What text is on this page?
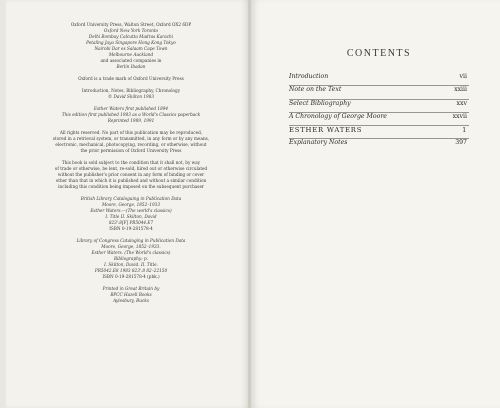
Oxford University Press, Walton Street, Oxford OX2 6DP

Oxford New York Toronto

Delhi Bombay Calcutta Madras Karachi

Petaling Jaya Singapore Hong Kong Tokyo

Nairobi Dar es Salaam Cape Town

Melbourne Auckland

and associated companies in

Berlin Ibadan

Oxford is a trade mark of Oxford University Press

Introduction, Notes, Bibliography, Chronology

© David Skilton 1983

Esther Waters first published 1894

This edition first published 1983 as a World's Classics paperback

Reprinted 1989, 1991

All rights reserved. No part of this publication may be reproduced,

stored in a retrieval system, or transmitted, in any form or by any means,

electronic, mechanical, photocopying, recording, or otherwise, without

the prior permission of Oxford University Press

This book is sold subject to the condition that it shall not, by way

of trade or otherwise, be lent, re-sold, hired out or otherwise circulated

without the publisher's prior consent in any form of binding or cover

other than that in which it is published and without a similar condition

including this condition being imposed on the subsequent purchaser

British Library Cataloguing in Publication Data

Moore, George, 1852–1933

Esther Waters.—(The world's classics)

I. Title II. Skilton, David

823'.8[F] PR5044.E7

ISBN 0-19-281578-4

Library of Congress Cataloging in Publication Data

Moore, George, 1852–1933.

Esther Waters. (The World's classics)

Bibliography: p.

I. Skilton, David. II. Title.

PR5042.E8 1983 823'.8 82–22150

ISBN 0-19-281578-4 (pbk.)

Printed in Great Britain by

BPCC Hazell Books

Aylesbury, Bucks

CONTENTS
Introduction	vii
Note on the Text	xxiii
Select Bibliography	xxv
A Chronology of George Moore	xxvii
ESTHER WATERS	1
Explanatory Notes	397
